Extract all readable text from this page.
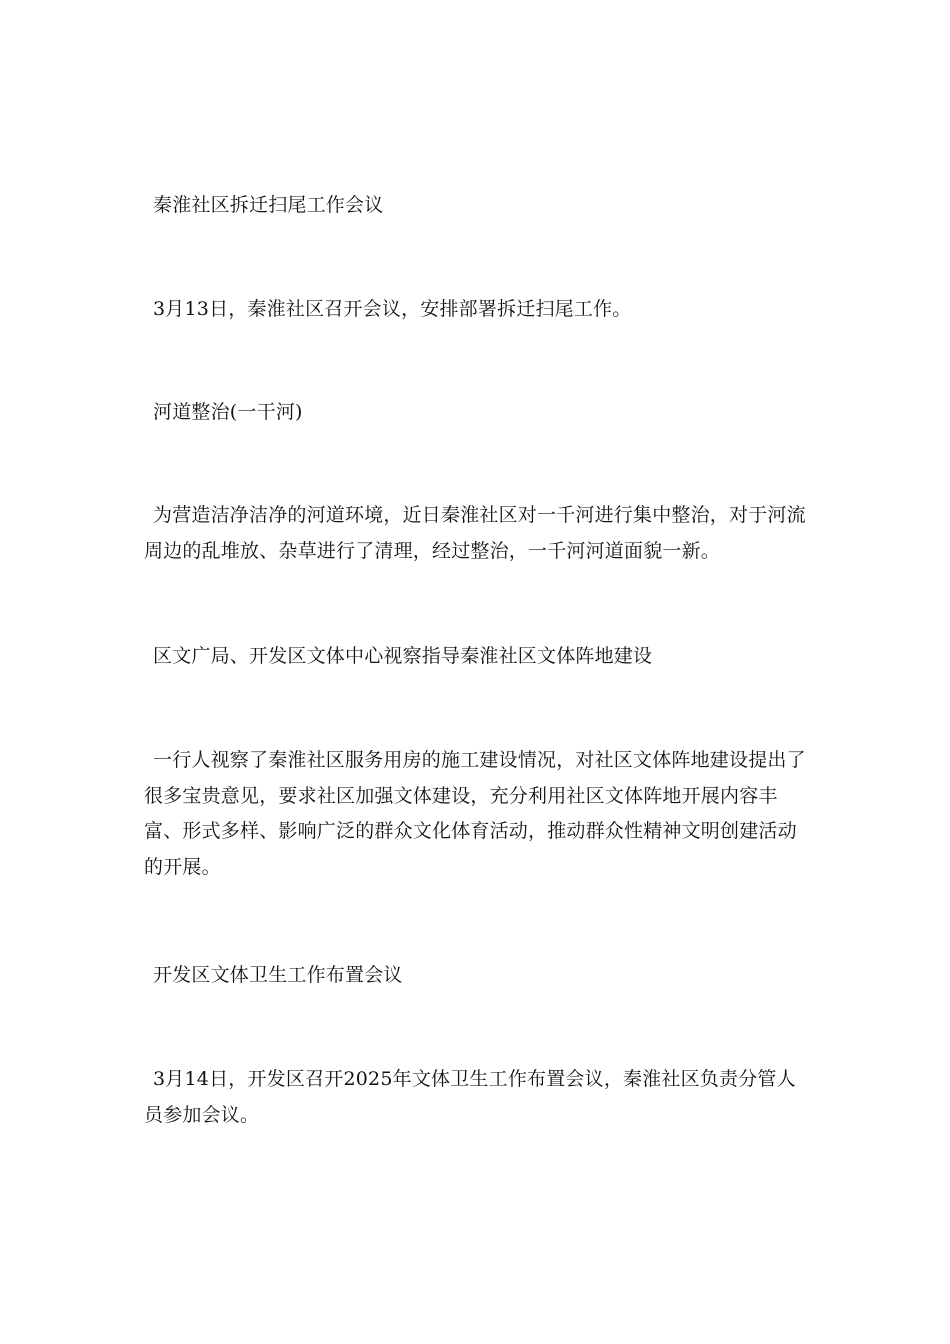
秦淮社区拆迁扫尾工作会议

3月13日，秦淮社区召开会议，安排部署拆迁扫尾工作。

河道整治(一干河)

为营造洁净洁净的河道环境，近日秦淮社区对一千河进行集中整治，对于河流周边的乱堆放、杂草进行了清理，经过整治，一千河河道面貌一新。

区文广局、开发区文体中心视察指导秦淮社区文体阵地建设

一行人视察了秦淮社区服务用房的施工建设情况，对社区文体阵地建设提出了很多宝贵意见，要求社区加强文体建设，充分利用社区文体阵地开展内容丰富、形式多样、影响广泛的群众文化体育活动，推动群众性精神文明创建活动的开展。

开发区文体卫生工作布置会议

3月14日，开发区召开2025年文体卫生工作布置会议，秦淮社区负责分管人员参加会议。
